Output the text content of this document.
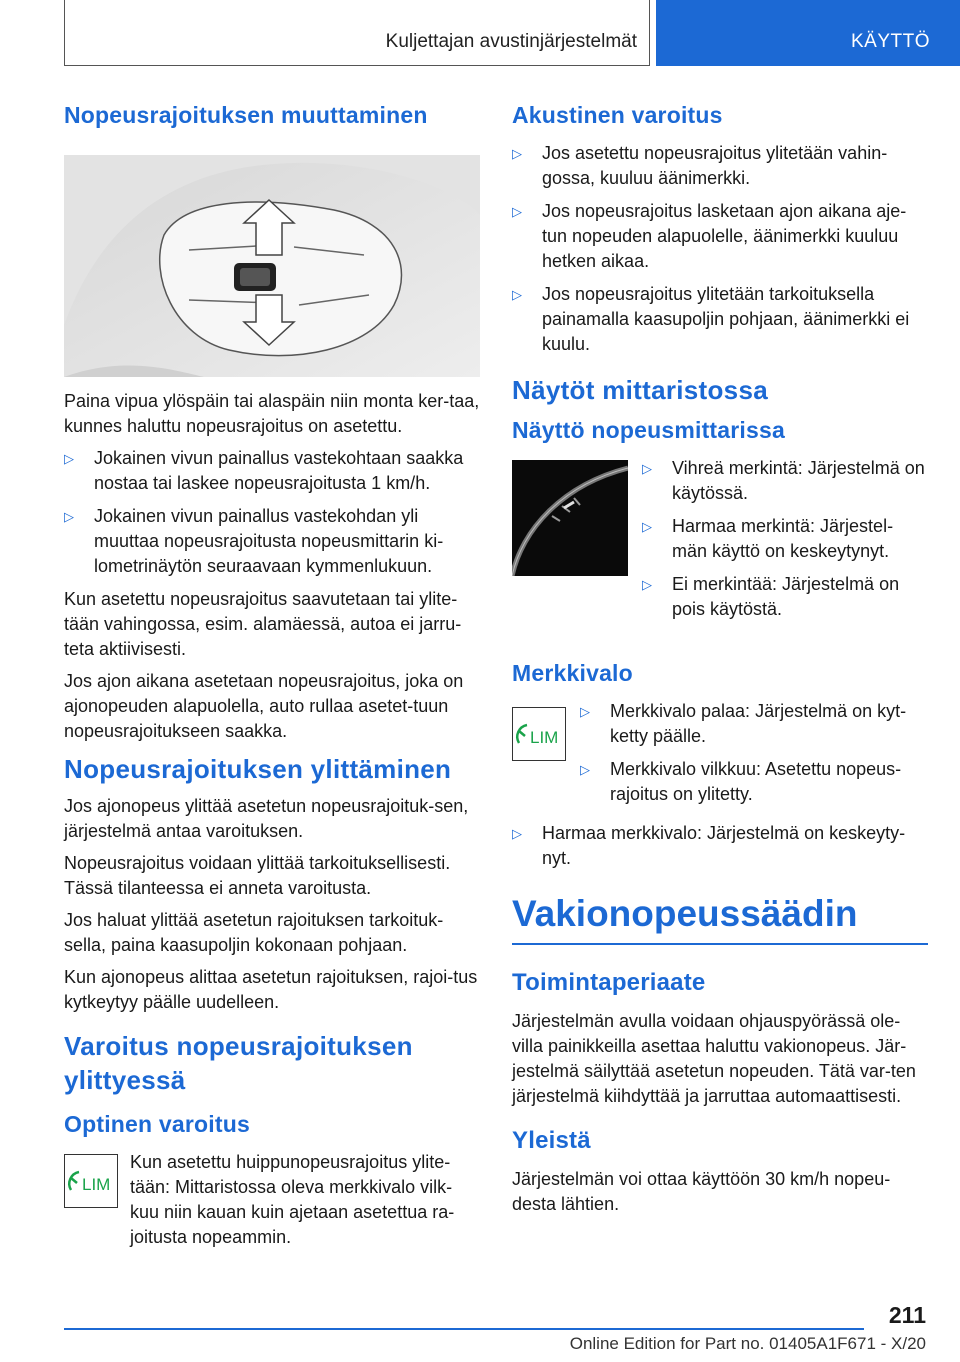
Kuljettajan avustinjärjestelmät	KÄYTTÖ
Nopeusrajoituksen muuttaminen

Paina vipua ylöspäin tai alaspäin niin monta ker-taa, kunnes haluttu nopeusrajoitus on asetettu.

▷	Jokainen vivun painallus vastekohtaan saakka nostaa tai laskee nopeusrajoitusta 1 km/h.
▷	Jokainen vivun painallus vastekohdan yli muuttaa nopeusrajoitusta nopeusmittarin ki-lometrinäytön seuraavaan kymmenlukuun.

Kun asetettu nopeusrajoitus saavutetaan tai ylite-tään vahingossa, esim. alamäessä, autoa ei jarru-teta aktiivisesti.

Jos ajon aikana asetetaan nopeusrajoitus, joka on ajonopeuden alapuolella, auto rullaa asetet-tuun nopeusrajoitukseen saakka.

Nopeusrajoituksen ylittäminen

Jos ajonopeus ylittää asetetun nopeusrajoituk-sen, järjestelmä antaa varoituksen.

Nopeusrajoitus voidaan ylittää tarkoituksellisesti. Tässä tilanteessa ei anneta varoitusta.

Jos haluat ylittää asetetun rajoituksen tarkoituk-sella, paina kaasupoljin kokonaan pohjaan.

Kun ajonopeus alittaa asetetun rajoituksen, rajoi-tus kytkeytyy päälle uudelleen.

Varoitus nopeusrajoituksen ylittyessä
Optinen varoitus
LIM

Kun asetettu huippunopeusrajoitus ylite-tään: Mittaristossa oleva merkkivalo vilk-kuu niin kauan kuin ajetaan asetettua ra-joitusta nopeammin.

Akustinen varoitus
▷	Jos asetettu nopeusrajoitus ylitetään vahin-gossa, kuuluu äänimerkki.
▷	Jos nopeusrajoitus lasketaan ajon aikana aje-tun nopeuden alapuolelle, äänimerkki kuuluu hetken aikaa.
▷	Jos nopeusrajoitus ylitetään tarkoituksella painamalla kaasupoljin pohjaan, äänimerkki ei kuulu.
Näytöt mittaristossa
Näyttö nopeusmittarissa
▷	Vihreä merkintä: Järjestelmä on käytössä.
▷	Harmaa merkintä: Järjestel-män käyttö on keskeytynyt.
▷	Ei merkintää: Järjestelmä on pois käytöstä.
Merkkivalo
LIM
▷	Merkkivalo palaa: Järjestelmä on kyt-ketty päälle.
▷	Merkkivalo vilkkuu: Asetettu nopeus-rajoitus on ylitetty.
▷	Harmaa merkkivalo: Järjestelmä on keskeyty-nyt.
Vakionopeussäädin
Toimintaperiaate

Järjestelmän avulla voidaan ohjauspyörässä ole-villa painikkeilla asettaa haluttu vakionopeus. Jär-jestelmä säilyttää asetetun nopeuden. Tätä var-ten järjestelmä kiihdyttää ja jarruttaa automaattisesti.

Yleistä

Järjestelmän voi ottaa käyttöön 30 km/h nopeu-desta lähtien.

211
Online Edition for Part no. 01405A1F671 - X/20
